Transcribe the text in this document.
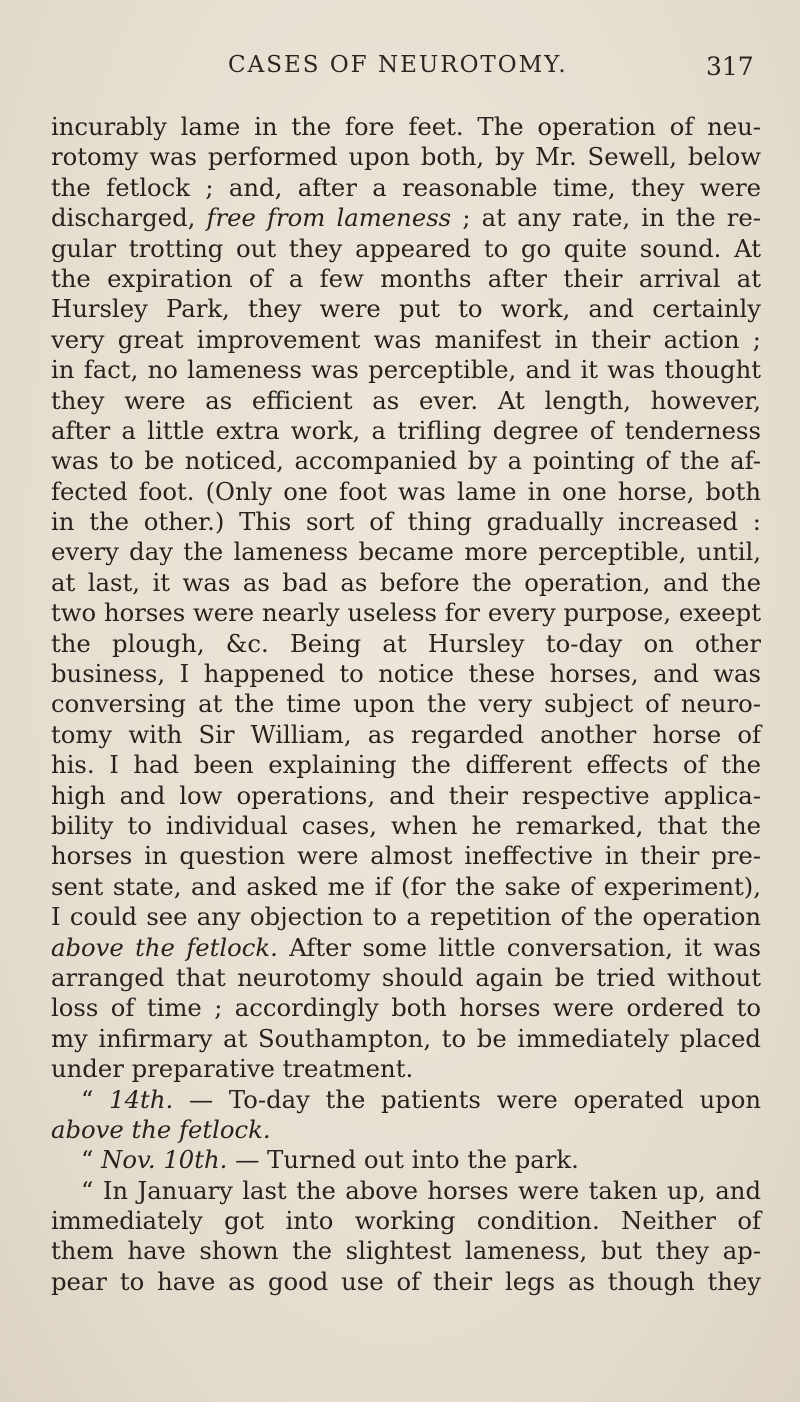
CASES OF NEUROTOMY.	317
incurably lame in the fore feet. The operation of neu-
rotomy was performed upon both, by Mr. Sewell, below
the fetlock ; and, after a reasonable time, they were
discharged, free from lameness ; at any rate, in the re-
gular trotting out they appeared to go quite sound. At
the expiration of a few months after their arrival at
Hursley Park, they were put to work, and certainly
very great improvement was manifest in their action ;
in fact, no lameness was perceptible, and it was thought
they were as efficient as ever. At length, however,
after a little extra work, a trifling degree of tenderness
was to be noticed, accompanied by a pointing of the af-
fected foot. (Only one foot was lame in one horse, both
in the other.) This sort of thing gradually increased :
every day the lameness became more perceptible, until,
at last, it was as bad as before the operation, and the
two horses were nearly useless for every purpose, exeept
the plough, &c. Being at Hursley to-day on other
business, I happened to notice these horses, and was
conversing at the time upon the very subject of neuro-
tomy with Sir William, as regarded another horse of
his. I had been explaining the different effects of the
high and low operations, and their respective applica-
bility to individual cases, when he remarked, that the
horses in question were almost ineffective in their pre-
sent state, and asked me if (for the sake of experiment),
I could see any objection to a repetition of the operation
above the fetlock. After some little conversation, it was
arranged that neurotomy should again be tried without
loss of time ; accordingly both horses were ordered to
my infirmary at Southampton, to be immediately placed
under preparative treatment.
“ 14th. — To-day the patients were operated upon
above the fetlock.
“ Nov. 10th. — Turned out into the park.
“ In January last the above horses were taken up, and
immediately got into working condition. Neither of
them have shown the slightest lameness, but they ap-
pear to have as good use of their legs as though they
